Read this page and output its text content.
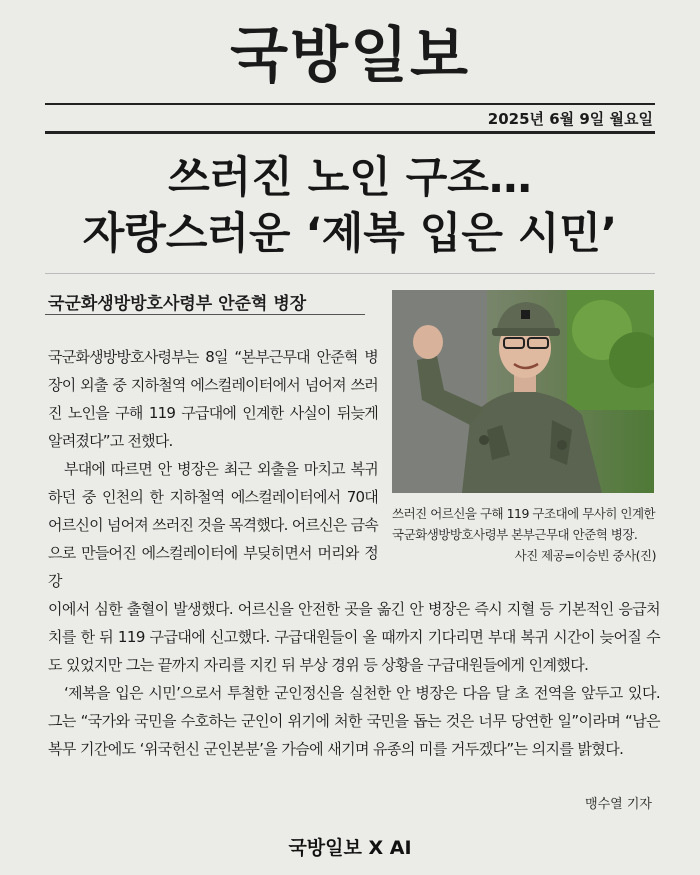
국방일보
2025년 6월 9일 월요일
쓰러진 노인 구조…
자랑스러운 ‘제복 입은 시민’
국군화생방방호사령부 안준혁 병장
쓰러진 어르신을 구해 119 구조대에 무사히 인계한 국군화생방방호사령부 본부근무대 안준혁 병장.
사진 제공=이승빈 중사(진)

국군화생방방호사령부는 8일 “본부근무대 안준혁 병장이 외출 중 지하철역 에스컬레이터에서 넘어져 쓰러진 노인을 구해 119 구급대에 인계한 사실이 뒤늦게 알려졌다”고 전했다.

부대에 따르면 안 병장은 최근 외출을 마치고 복귀하던 중 인천의 한 지하철역 에스컬레이터에서 70대 어르신이 넘어져 쓰러진 것을 목격했다. 어르신은 금속으로 만들어진 에스컬레이터에 부딪히면서 머리와 정강

이에서 심한 출혈이 발생했다. 어르신을 안전한 곳을 옮긴 안 병장은 즉시 지혈 등 기본적인 응급처치를 한 뒤 119 구급대에 신고했다. 구급대원들이 올 때까지 기다리면 부대 복귀 시간이 늦어질 수도 있었지만 그는 끝까지 자리를 지킨 뒤 부상 경위 등 상황을 구급대원들에게 인계했다.

‘제복을 입은 시민’으로서 투철한 군인정신을 실천한 안 병장은 다음 달 초 전역을 앞두고 있다. 그는 “국가와 국민을 수호하는 군인이 위기에 처한 국민을 돕는 것은 너무 당연한 일”이라며 “남은 복무 기간에도 ‘위국헌신 군인본분’을 가슴에 새기며 유종의 미를 거두겠다”는 의지를 밝혔다.

맹수열 기자
국방일보 X AI
